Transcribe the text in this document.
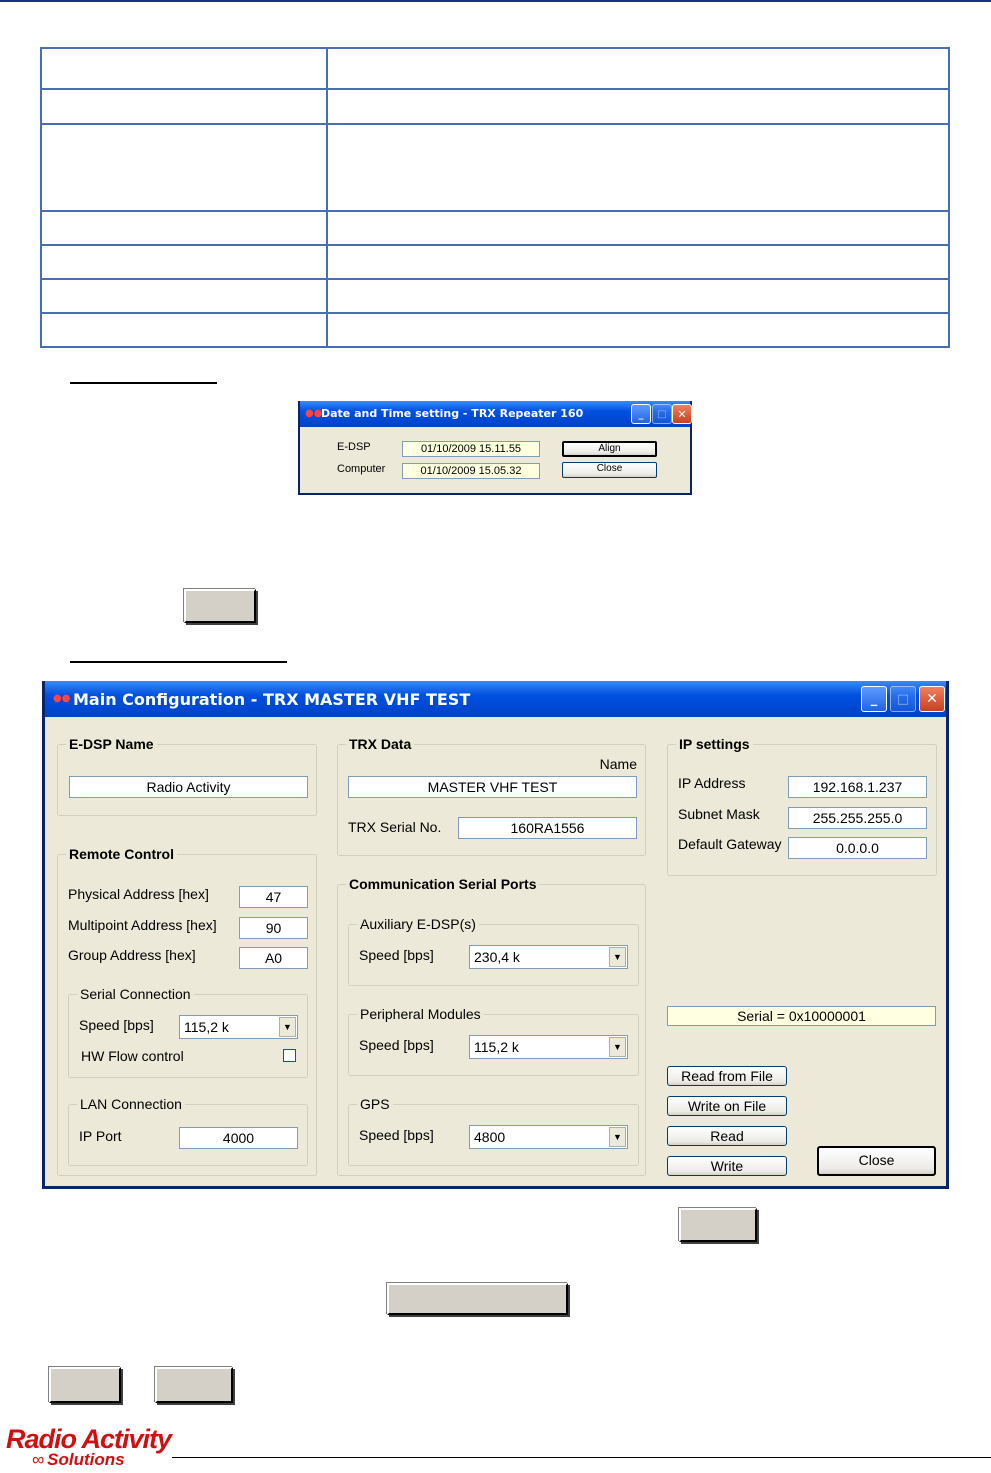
●●
Date and Time setting - TRX Repeater 160	_	□ ✕
E-DSP	01/10/2009 15.11.55
Computer	01/10/2009 15.05.32
Align
Close
●● Main Configuration - TRX MASTER VHF TEST	_	□	✕
E-DSP Name
Radio Activity
Remote Control
Physical Address [hex]	47
Multipoint Address [hex]	90
Group Address [hex]	A0
Serial Connection
Speed [bps]	115,2 k	▼
HW Flow control
LAN Connection
IP Port	4000
TRX Data
Name
MASTER VHF TEST
TRX Serial No.	160RA1556
Communication Serial Ports
Auxiliary E-DSP(s)
Speed [bps]	230,4 k	▼
Peripheral Modules
Speed [bps]	115,2 k	▼
GPS
Speed [bps]	4800	▼
IP settings
IP Address	192.168.1.237
Subnet Mask	255.255.255.0
Default Gateway	0.0.0.0
Serial = 0x10000001
Read from File
Write on File
Read
Write	Close
Radio Activity
∞ Solutions
